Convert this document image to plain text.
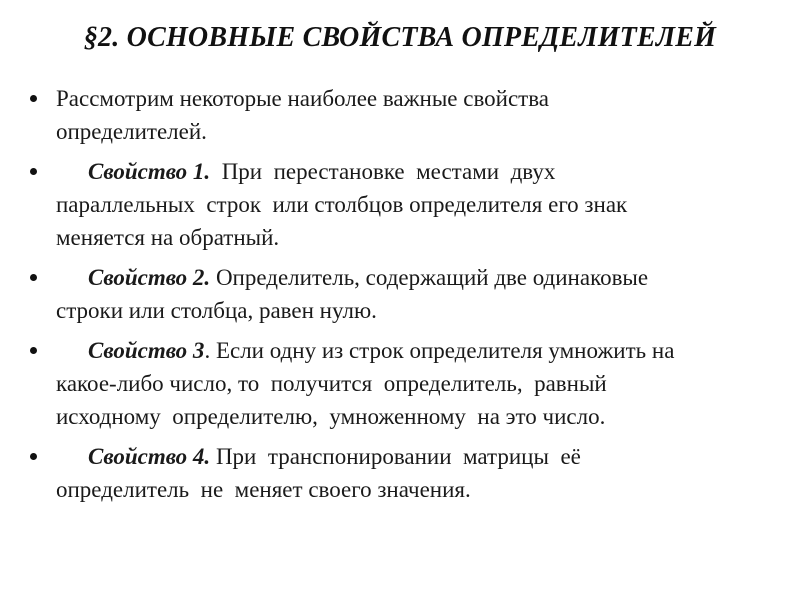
§2. ОСНОВНЫЕ СВОЙСТВА ОПРЕДЕЛИТЕЛЕЙ
Рассмотрим некоторые наиболее важные свойства
определителей.
Свойство 1.  При  перестановке  местами  двух
параллельных  строк  или столбцов определителя его знак
меняется на обратный.
Свойство 2. Определитель, содержащий две одинаковые
строки или столбца, равен нулю.
Свойство 3. Если одну из строк определителя умножить на
какое-либо число, то  получится  определитель,  равный
исходному  определителю,  умноженному  на это число.
Свойство 4. При  транспонировании  матрицы  её
определитель  не  меняет своего значения.
